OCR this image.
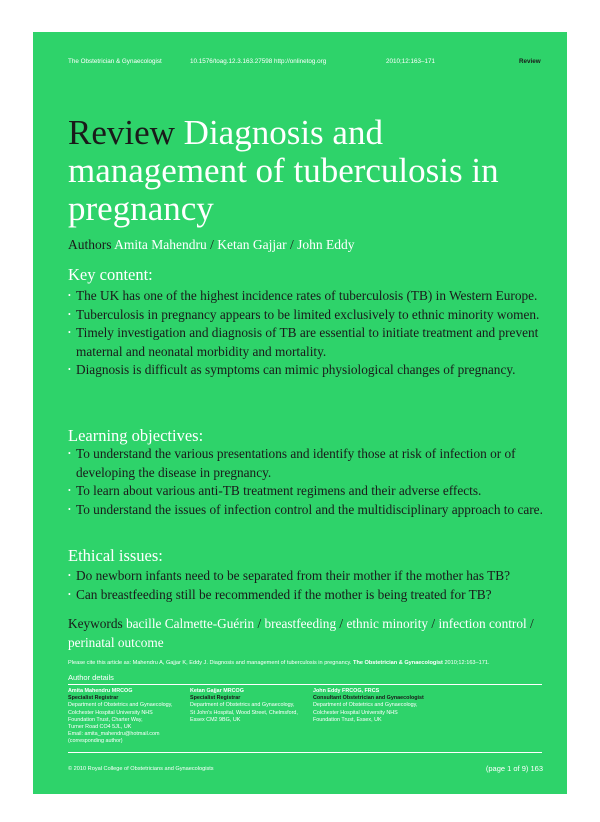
The Obstetrician & Gynaecologist	10.1576/toag.12.3.163.27598 http://onlinetog.org	2010;12:163–171	Review
Review Diagnosis and management of tuberculosis in pregnancy
Authors Amita Mahendru / Ketan Gajjar / John Eddy
Key content:
• The UK has one of the highest incidence rates of tuberculosis (TB) in Western Europe.
• Tuberculosis in pregnancy appears to be limited exclusively to ethnic minority women.
• Timely investigation and diagnosis of TB are essential to initiate treatment and prevent maternal and neonatal morbidity and mortality.
• Diagnosis is difficult as symptoms can mimic physiological changes of pregnancy.
Learning objectives:
• To understand the various presentations and identify those at risk of infection or of developing the disease in pregnancy.
• To learn about various anti-TB treatment regimens and their adverse effects.
• To understand the issues of infection control and the multidisciplinary approach to care.
Ethical issues:
• Do newborn infants need to be separated from their mother if the mother has TB?
• Can breastfeeding still be recommended if the mother is being treated for TB?
Keywords bacille Calmette-Guérin / breastfeeding / ethnic minority / infection control / perinatal outcome
Please cite this article as: Mahendru A, Gajjar K, Eddy J. Diagnosis and management of tuberculosis in pregnancy. The Obstetrician & Gynaecologist 2010;12:163–171.
Author details
Amita Mahendru MRCOG
Specialist Registrar
Department of Obstetrics and Gynaecology,
Colchester Hospital University NHS
Foundation Trust, Charter Way,
Turner Road CO4 5JL, UK
Email: amita_mahendru@hotmail.com
(corresponding author)
Ketan Gajjar MRCOG
Specialist Registrar
Department of Obstetrics and Gynaecology,
St John's Hospital, Wood Street, Chelmsford,
Essex CM2 9BG, UK
John Eddy FRCOG, FRCS
Consultant Obstetrician and Gynaecologist
Department of Obstetrics and Gynaecology,
Colchester Hospital University NHS
Foundation Trust, Essex, UK
© 2010 Royal College of Obstetricians and Gynaecologists	(page 1 of 9) 163
